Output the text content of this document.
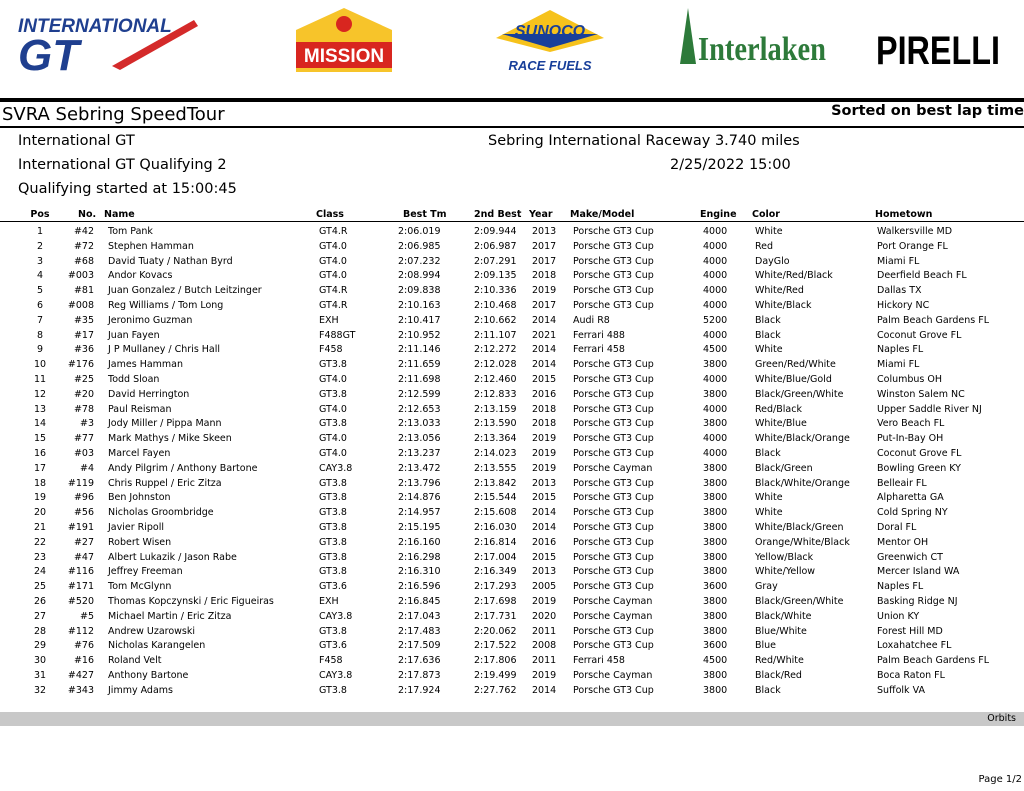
INTERNATIONAL
GT	MISSION
SUNOCO
RACE FUELS	Interlaken PIRELLI
SVRA Sebring SpeedTour	Sorted on best lap time
International GT
International GT Qualifying 2
Qualifying started at 15:00:45
Sebring International Raceway 3.740 miles
2/25/2022 15:00
Pos	No. Name	Class	Best Tm	2nd Best Year Make/Model	Engine Color	Hometown
1	#42 Tom Pank	GT4.R	2:06.019	2:09.944 2013 Porsche GT3 Cup	4000	White	Walkersville MD
2	#72 Stephen Hamman	GT4.0	2:06.985	2:06.987 2017 Porsche GT3 Cup	4000	Red	Port Orange FL
3	#68 David Tuaty / Nathan Byrd	GT4.0	2:07.232	2:07.291 2017 Porsche GT3 Cup	4000	DayGlo	Miami FL
4	#003 Andor Kovacs	GT4.0	2:08.994	2:09.135 2018 Porsche GT3 Cup	4000	White/Red/Black	Deerfield Beach FL
5	#81 Juan Gonzalez / Butch Leitzinger	GT4.R	2:09.838	2:10.336 2019 Porsche GT3 Cup	4000	White/Red	Dallas TX
6	#008 Reg Williams / Tom Long	GT4.R	2:10.163	2:10.468 2017 Porsche GT3 Cup	4000	White/Black	Hickory NC
7	#35 Jeronimo Guzman	EXH	2:10.417	2:10.662 2014 Audi R8	5200	Black	Palm Beach Gardens FL
8	#17 Juan Fayen	F488GT	2:10.952	2:11.107 2021 Ferrari 488	4000	Black	Coconut Grove FL
9	#36 J P Mullaney / Chris Hall	F458	2:11.146	2:12.272 2014 Ferrari 458	4500	White	Naples FL
10	#176 James Hamman	GT3.8	2:11.659	2:12.028 2014 Porsche GT3 Cup	3800	Green/Red/White	Miami FL
11	#25 Todd Sloan	GT4.0	2:11.698	2:12.460 2015 Porsche GT3 Cup	4000	White/Blue/Gold	Columbus OH
12	#20 David Herrington	GT3.8	2:12.599	2:12.833 2016 Porsche GT3 Cup	3800	Black/Green/White	Winston Salem NC
13	#78 Paul Reisman	GT4.0	2:12.653	2:13.159 2018 Porsche GT3 Cup	4000	Red/Black	Upper Saddle River NJ
14	#3 Jody Miller / Pippa Mann	GT3.8	2:13.033	2:13.590 2018 Porsche GT3 Cup	3800	White/Blue	Vero Beach FL
15	#77 Mark Mathys / Mike Skeen	GT4.0	2:13.056	2:13.364 2019 Porsche GT3 Cup	4000	White/Black/Orange	Put-In-Bay OH
16	#03 Marcel Fayen	GT4.0	2:13.237	2:14.023 2019 Porsche GT3 Cup	4000	Black	Coconut Grove FL
17	#4 Andy Pilgrim / Anthony Bartone	CAY3.8	2:13.472	2:13.555 2019 Porsche Cayman	3800	Black/Green	Bowling Green KY
18	#119 Chris Ruppel / Eric Zitza	GT3.8	2:13.796	2:13.842 2013 Porsche GT3 Cup	3800	Black/White/Orange	Belleair FL
19	#96 Ben Johnston	GT3.8	2:14.876	2:15.544 2015 Porsche GT3 Cup	3800	White	Alpharetta GA
20	#56 Nicholas Groombridge	GT3.8	2:14.957	2:15.608 2014 Porsche GT3 Cup	3800	White	Cold Spring NY
21	#191 Javier Ripoll	GT3.8	2:15.195	2:16.030 2014 Porsche GT3 Cup	3800	White/Black/Green	Doral FL
22	#27 Robert Wisen	GT3.8	2:16.160	2:16.814 2016 Porsche GT3 Cup	3800	Orange/White/Black	Mentor OH
23	#47 Albert Lukazik / Jason Rabe	GT3.8	2:16.298	2:17.004 2015 Porsche GT3 Cup	3800	Yellow/Black	Greenwich CT
24	#116 Jeffrey Freeman	GT3.8	2:16.310	2:16.349 2013 Porsche GT3 Cup	3800	White/Yellow	Mercer Island WA
25	#171 Tom McGlynn	GT3.6	2:16.596	2:17.293 2005 Porsche GT3 Cup	3600	Gray	Naples FL
26	#520 Thomas Kopczynski / Eric Figueiras	EXH	2:16.845	2:17.698 2019 Porsche Cayman	3800	Black/Green/White	Basking Ridge NJ
27	#5 Michael Martin / Eric Zitza	CAY3.8	2:17.043	2:17.731 2020 Porsche Cayman	3800	Black/White	Union KY
28	#112 Andrew Uzarowski	GT3.8	2:17.483	2:20.062 2011 Porsche GT3 Cup	3800	Blue/White	Forest Hill MD
29	#76 Nicholas Karangelen	GT3.6	2:17.509	2:17.522 2008 Porsche GT3 Cup	3600	Blue	Loxahatchee FL
30	#16 Roland Velt	F458	2:17.636	2:17.806 2011 Ferrari 458	4500	Red/White	Palm Beach Gardens FL
31	#427 Anthony Bartone	CAY3.8	2:17.873	2:19.499 2019 Porsche Cayman	3800	Black/Red	Boca Raton FL
32	#343 Jimmy Adams	GT3.8	2:17.924	2:27.762 2014 Porsche GT3 Cup	3800	Black	Suffolk VA
Orbits
Page 1/2
